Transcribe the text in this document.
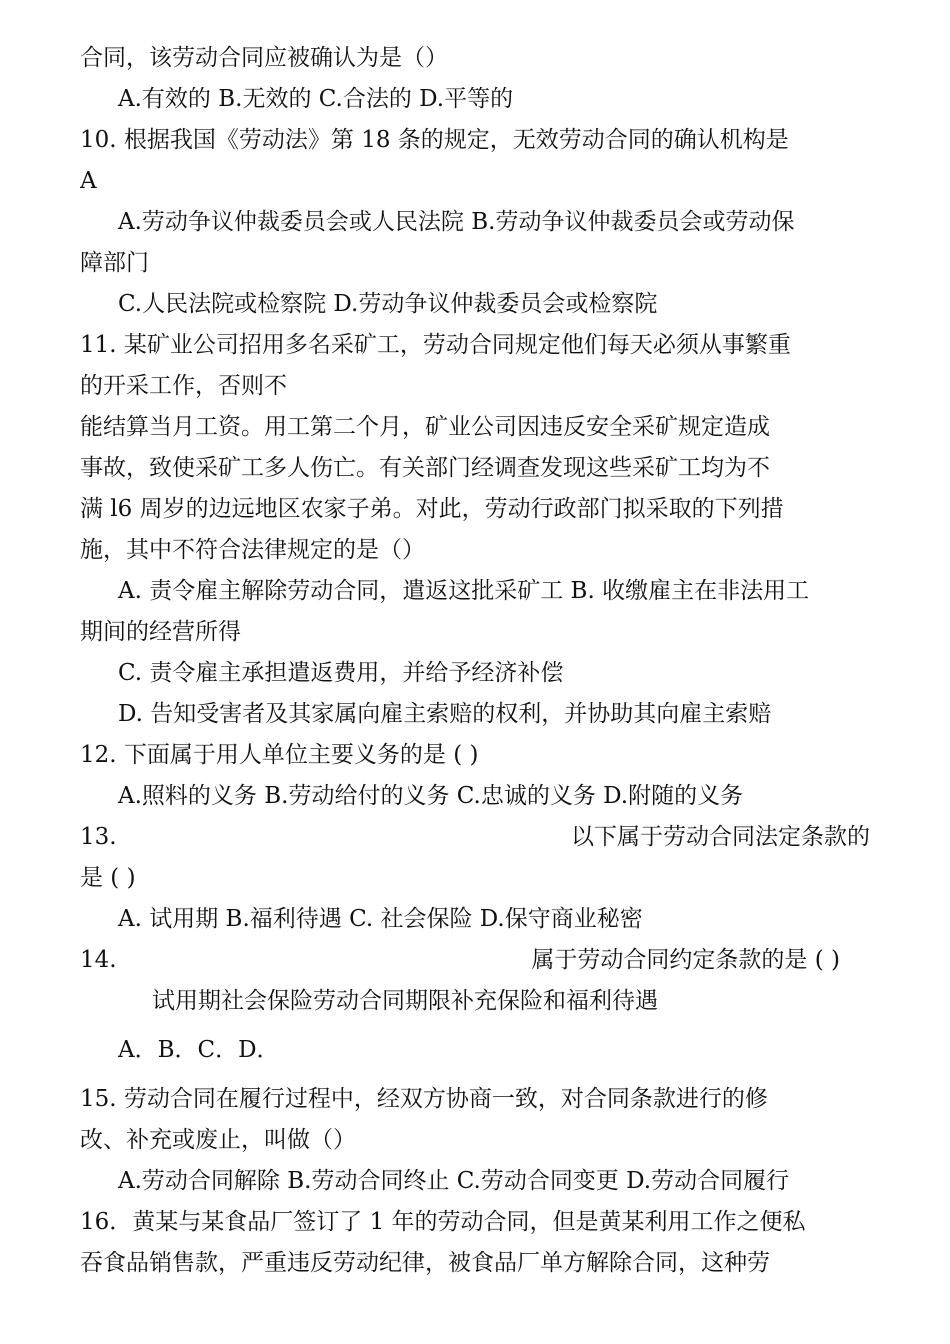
合同，该劳动合同应被确认为是（）
A.有效的 B.无效的 C.合法的 D.平等的
10. 根据我国《劳动法》第 18 条的规定，无效劳动合同的确认机构是
A
A.劳动争议仲裁委员会或人民法院 B.劳动争议仲裁委员会或劳动保
障部门
C.人民法院或检察院 D.劳动争议仲裁委员会或检察院
11. 某矿业公司招用多名采矿工，劳动合同规定他们每天必须从事繁重
的开采工作，否则不
能结算当月工资。用工第二个月，矿业公司因违反安全采矿规定造成
事故，致使采矿工多人伤亡。有关部门经调查发现这些采矿工均为不
满 l6 周岁的边远地区农家子弟。对此，劳动行政部门拟采取的下列措
施，其中不符合法律规定的是（）
A. 责令雇主解除劳动合同，遣返这批采矿工 B. 收缴雇主在非法用工
期间的经营所得
C. 责令雇主承担遣返费用，并给予经济补偿
D. 告知受害者及其家属向雇主索赔的权利，并协助其向雇主索赔
12. 下面属于用人单位主要义务的是 ( )
A.照料的义务 B.劳动给付的义务 C.忠诚的义务 D.附随的义务
13.	以下属于劳动合同法定条款的
是 ( )
A. 试用期 B.福利待遇 C. 社会保险 D.保守商业秘密
14.	属于劳动合同约定条款的是 ( )
试用期社会保险劳动合同期限补充保险和福利待遇
A．B．C．D．
15. 劳动合同在履行过程中，经双方协商一致，对合同条款进行的修
改、补充或废止，叫做（）
A.劳动合同解除 B.劳动合同终止 C.劳动合同变更 D.劳动合同履行
16．黄某与某食品厂签订了 1 年的劳动合同，但是黄某利用工作之便私
吞食品销售款，严重违反劳动纪律，被食品厂单方解除合同，这种劳
